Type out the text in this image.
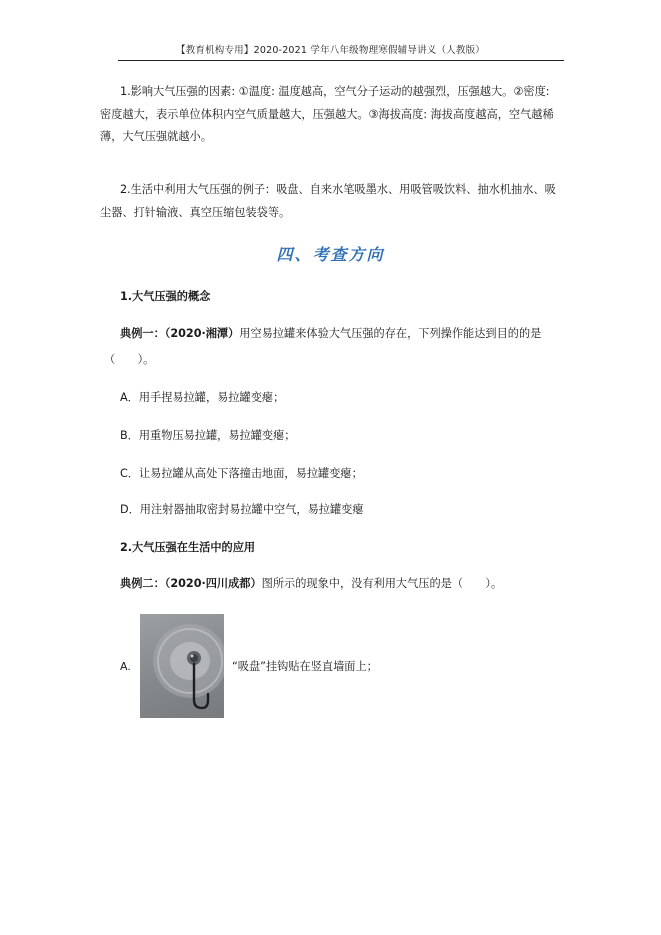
【教育机构专用】2020-2021 学年八年级物理寒假辅导讲义（人教版）

1.影响大气压强的因素: ①温度: 温度越高，空气分子运动的越强烈，压强越大。②密度: 密度越大，表示单位体积内空气质量越大，压强越大。③海拔高度: 海拔高度越高，空气越稀薄，大气压强就越小。

2.生活中利用大气压强的例子：吸盘、自来水笔吸墨水、用吸管吸饮料、抽水机抽水、吸尘器、打针输液、真空压缩包装袋等。

四、考查方向
1.大气压强的概念
典例一：（2020·湘潭）用空易拉罐来体验大气压强的存在，下列操作能达到目的的是
（　　）。
A．用手捏易拉罐，易拉罐变瘪；
B．用重物压易拉罐，易拉罐变瘪；
C．让易拉罐从高处下落撞击地面，易拉罐变瘪；
D．用注射器抽取密封易拉罐中空气，易拉罐变瘪
2.大气压强在生活中的应用
典例二：（2020·四川成都）图所示的现象中，没有利用大气压的是（　　）。
A.	“吸盘”挂钩贴在竖直墙面上；
